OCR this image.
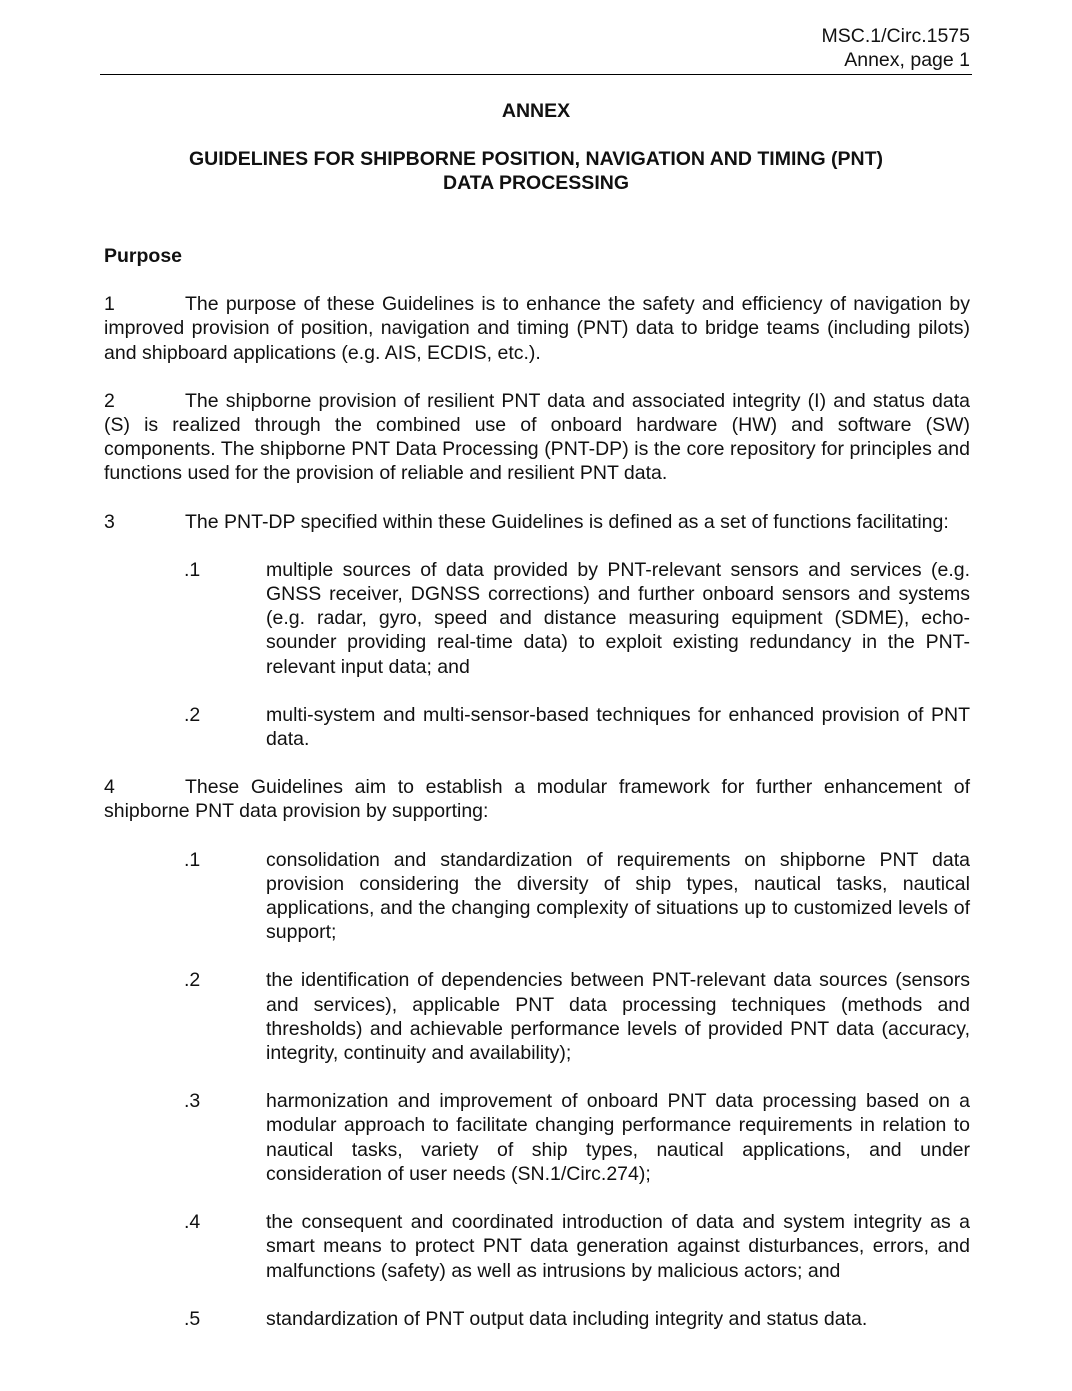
MSC.1/Circ.1575
Annex, page 1
ANNEX
GUIDELINES FOR SHIPBORNE POSITION, NAVIGATION AND TIMING (PNT)
DATA PROCESSING
Purpose
1	The purpose of these Guidelines is to enhance the safety and efficiency of navigation by improved provision of position, navigation and timing (PNT) data to bridge teams (including pilots) and shipboard applications (e.g. AIS, ECDIS, etc.).
2	The shipborne provision of resilient PNT data and associated integrity (I) and status data (S) is realized through the combined use of onboard hardware (HW) and software (SW) components. The shipborne PNT Data Processing (PNT-DP) is the core repository for principles and functions used for the provision of reliable and resilient PNT data.
3	The PNT-DP specified within these Guidelines is defined as a set of functions facilitating:
.1	multiple sources of data provided by PNT-relevant sensors and services (e.g. GNSS receiver, DGNSS corrections) and further onboard sensors and systems (e.g. radar, gyro, speed and distance measuring equipment (SDME), echo-sounder providing real-time data) to exploit existing redundancy in the PNT-relevant input data; and
.2	multi-system and multi-sensor-based techniques for enhanced provision of PNT data.
4	These Guidelines aim to establish a modular framework for further enhancement of shipborne PNT data provision by supporting:
.1	consolidation and standardization of requirements on shipborne PNT data provision considering the diversity of ship types, nautical tasks, nautical applications, and the changing complexity of situations up to customized levels of support;
.2	the identification of dependencies between PNT-relevant data sources (sensors and services), applicable PNT data processing techniques (methods and thresholds) and achievable performance levels of provided PNT data (accuracy, integrity, continuity and availability);
.3	harmonization and improvement of onboard PNT data processing based on a modular approach to facilitate changing performance requirements in relation to nautical tasks, variety of ship types, nautical applications, and under consideration of user needs (SN.1/Circ.274);
.4	the consequent and coordinated introduction of data and system integrity as a smart means to protect PNT data generation against disturbances, errors, and malfunctions (safety) as well as intrusions by malicious actors; and
.5	standardization of PNT output data including integrity and status data.
